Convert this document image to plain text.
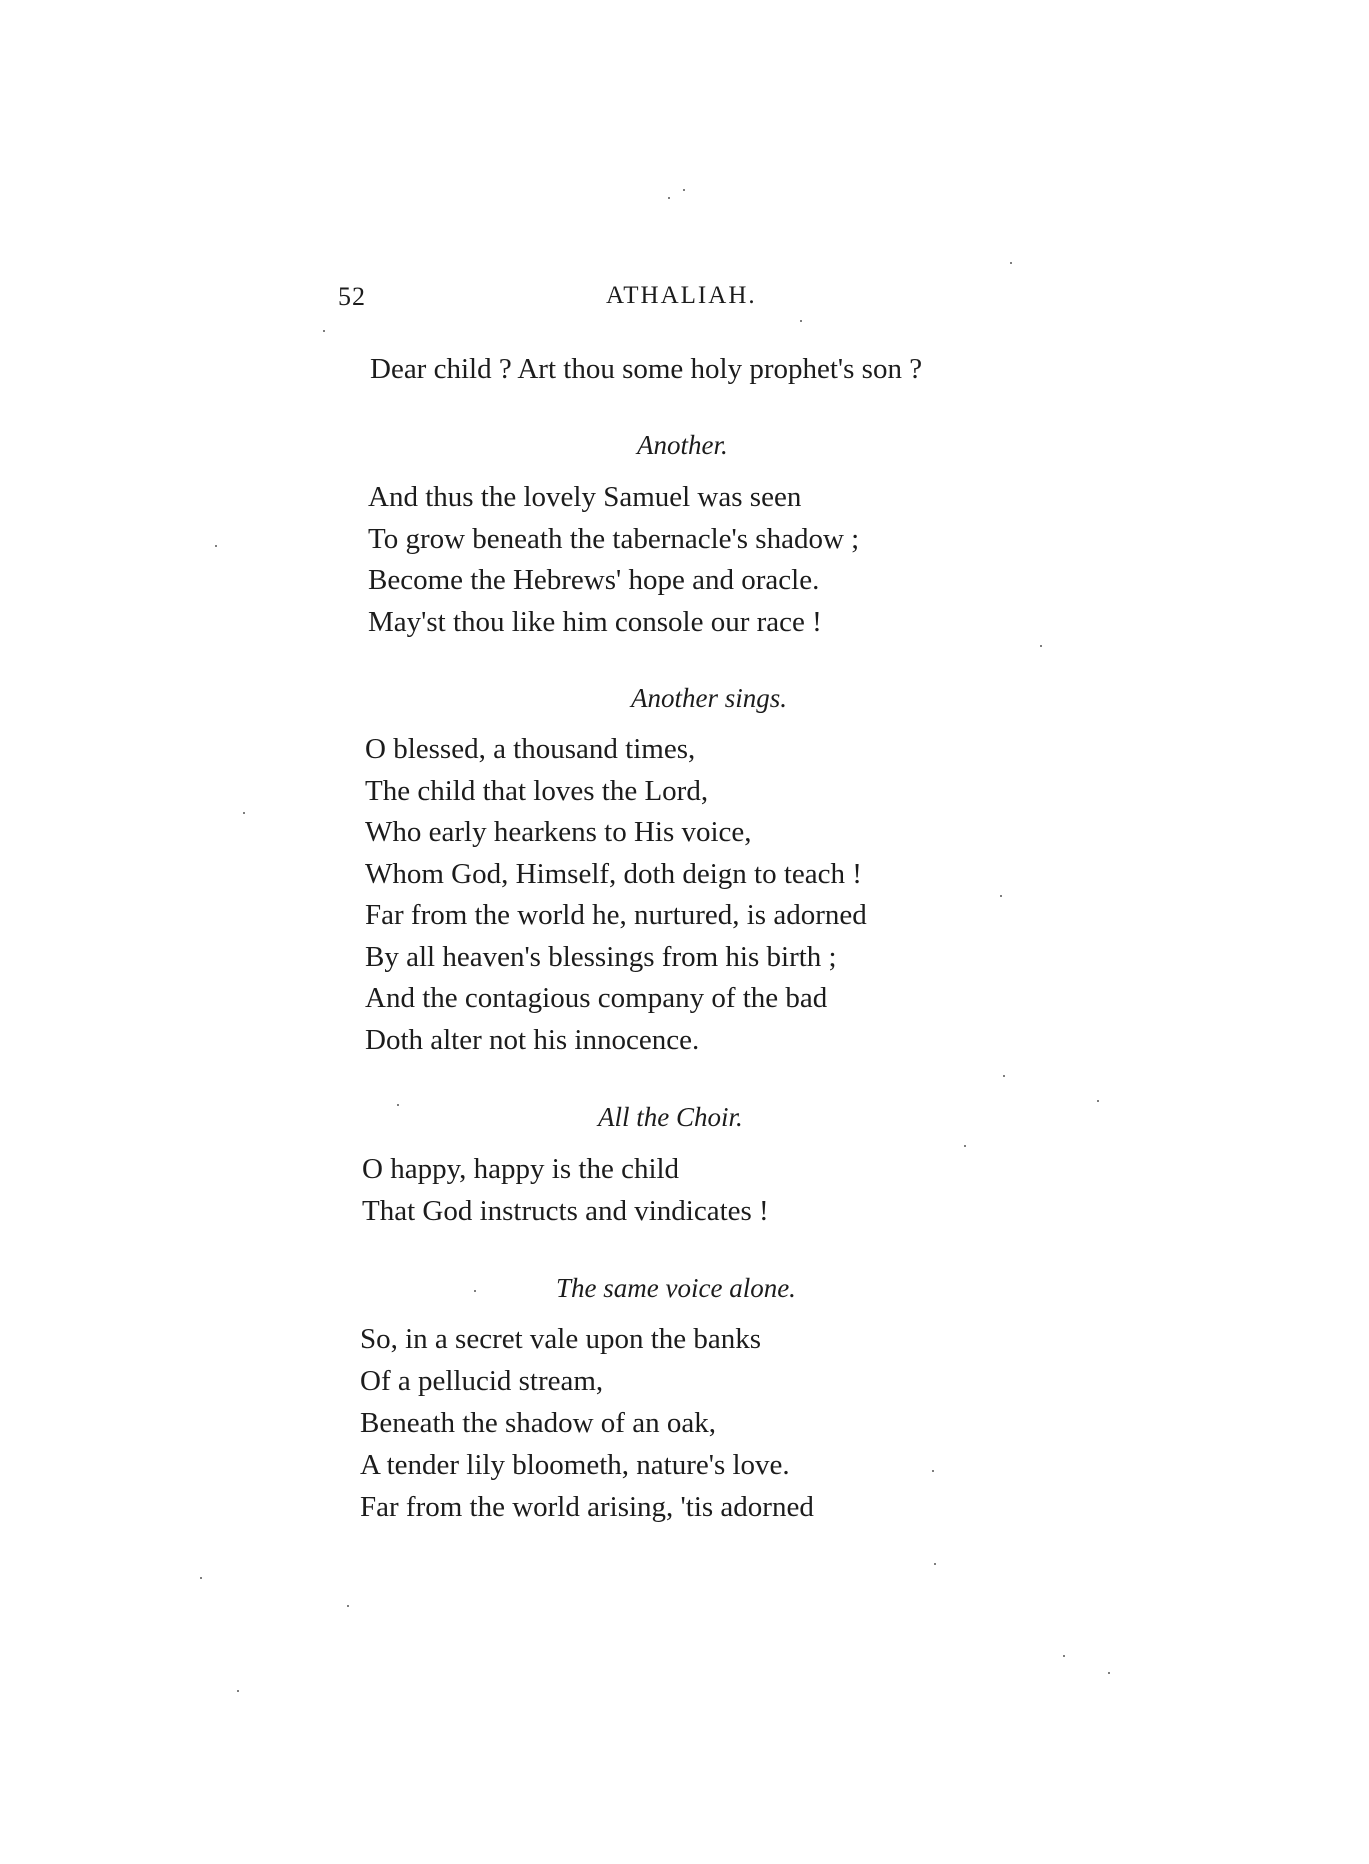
52	ATHALIAH.
Dear child ? Art thou some holy prophet's son ?
Another.
And thus the lovely Samuel was seen
To grow beneath the tabernacle's shadow ;
Become the Hebrews' hope and oracle.
May'st thou like him console our race !
Another sings.
O blessed, a thousand times,
The child that loves the Lord,
Who early hearkens to His voice,
Whom God, Himself, doth deign to teach !
Far from the world he, nurtured, is adorned
By all heaven's blessings from his birth ;
And the contagious company of the bad
Doth alter not his innocence.
All the Choir.
O happy, happy is the child
That God instructs and vindicates !
The same voice alone.
So, in a secret vale upon the banks
Of a pellucid stream,
Beneath the shadow of an oak,
A tender lily bloometh, nature's love.
Far from the world arising, 'tis adorned
